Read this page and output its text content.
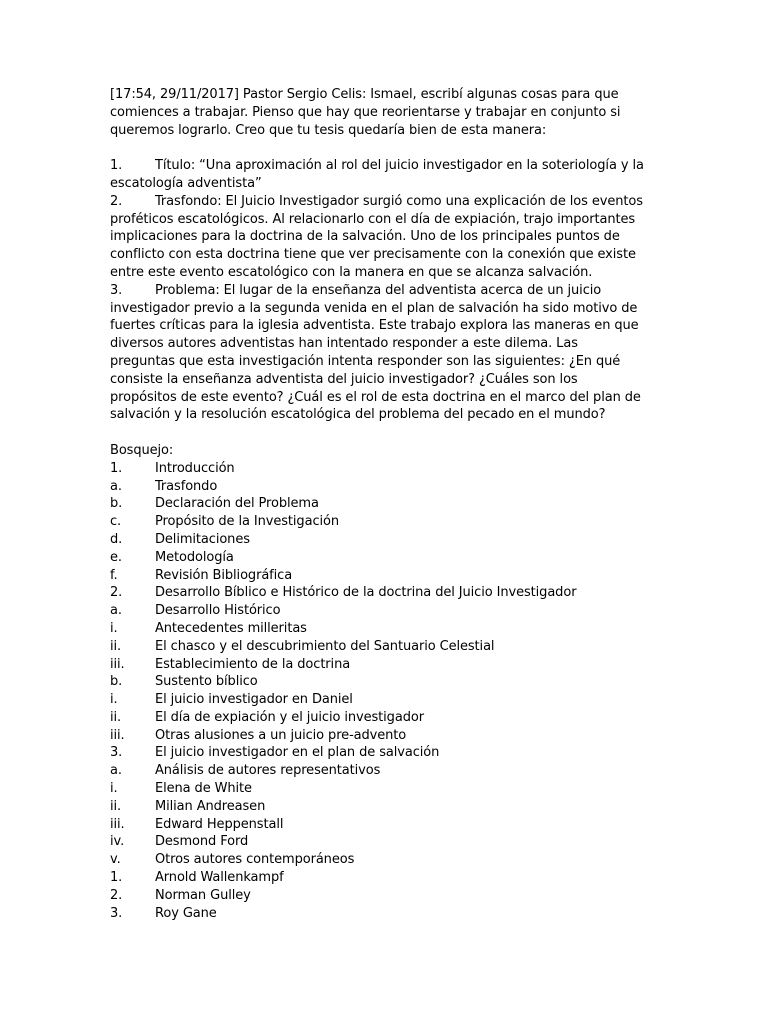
[17:54, 29/11/2017] Pastor Sergio Celis: Ismael, escribí algunas cosas para que comiences a trabajar. Pienso que hay que reorientarse y trabajar en conjunto si queremos lograrlo. Creo que tu tesis quedaría bien de esta manera:

1.	Título: “Una aproximación al rol del juicio investigador en la soteriología y la escatología adventista”

2.	Trasfondo: El Juicio Investigador surgió como una explicación de los eventos proféticos escatológicos. Al relacionarlo con el día de expiación, trajo importantes implicaciones para la doctrina de la salvación. Uno de los principales puntos de conflicto con esta doctrina tiene que ver precisamente con la conexión que existe entre este evento escatológico con la manera en que se alcanza salvación.

3.	Problema: El lugar de la enseñanza del adventista acerca de un juicio investigador previo a la segunda venida en el plan de salvación ha sido motivo de fuertes críticas para la iglesia adventista. Este trabajo explora las maneras en que diversos autores adventistas han intentado responder a este dilema. Las preguntas que esta investigación intenta responder son las siguientes: ¿En qué consiste la enseñanza adventista del juicio investigador? ¿Cuáles son los propósitos de este evento? ¿Cuál es el rol de esta doctrina en el marco del plan de salvación y la resolución escatológica del problema del pecado en el mundo?

Bosquejo:

1.	Introducción
a.	Trasfondo
b.	Declaración del Problema
c.	Propósito de la Investigación
d.	Delimitaciones
e.	Metodología
f.	Revisión Bibliográfica
2.	Desarrollo Bíblico e Histórico de la doctrina del Juicio Investigador
a.	Desarrollo Histórico
i.	Antecedentes milleritas
ii.	El chasco y el descubrimiento del Santuario Celestial
iii.	Establecimiento de la doctrina
b.	Sustento bíblico
i.	El juicio investigador en Daniel
ii.	El día de expiación y el juicio investigador
iii.	Otras alusiones a un juicio pre-advento
3.	El juicio investigador en el plan de salvación
a.	Análisis de autores representativos
i.	Elena de White
ii.	Milian Andreasen
iii.	Edward Heppenstall
iv.	Desmond Ford
v.	Otros autores contemporáneos
1.	Arnold Wallenkampf
2.	Norman Gulley
3.	Roy Gane
